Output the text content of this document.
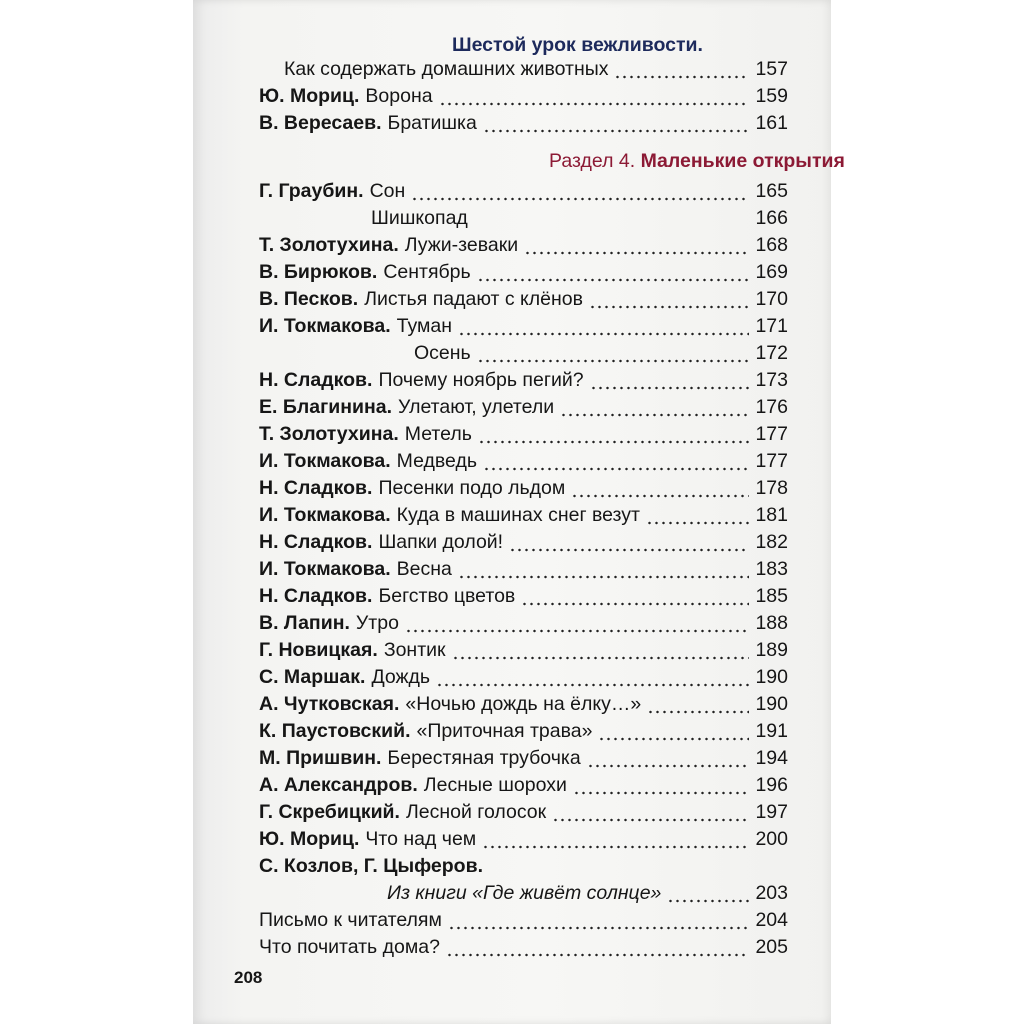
Шестой урок вежливости.
Раздел 4. Маленькие открытия
Как содержать домашних животных	157
Ю. Мориц. Ворона	159
В. Вересаев. Братишка	161
Г. Граубин. Сон	165
Шишкопад	166
Т. Золотухина. Лужи-зеваки	168
В. Бирюков. Сентябрь	169
В. Песков. Листья падают с клёнов	170
И. Токмакова. Туман	171
Осень	172
Н. Сладков. Почему ноябрь пегий?	173
Е. Благинина. Улетают, улетели	176
Т. Золотухина. Метель	177
И. Токмакова. Медведь	177
Н. Сладков. Песенки подо льдом	178
И. Токмакова. Куда в машинах снег везут	181
Н. Сладков. Шапки долой!	182
И. Токмакова. Весна	183
Н. Сладков. Бегство цветов	185
В. Лапин. Утро	188
Г. Новицкая. Зонтик	189
С. Маршак. Дождь	190
А. Чутковская. «Ночью дождь на ёлку…»	190
К. Паустовский. «Приточная трава»	191
М. Пришвин. Берестяная трубочка	194
А. Александров. Лесные шорохи	196
Г. Скребицкий. Лесной голосок	197
Ю. Мориц. Что над чем	200
С. Козлов, Г. Цыферов.
Из книги «Где живёт солнце»	203
Письмо к читателям	204
Что почитать дома?	205
208
